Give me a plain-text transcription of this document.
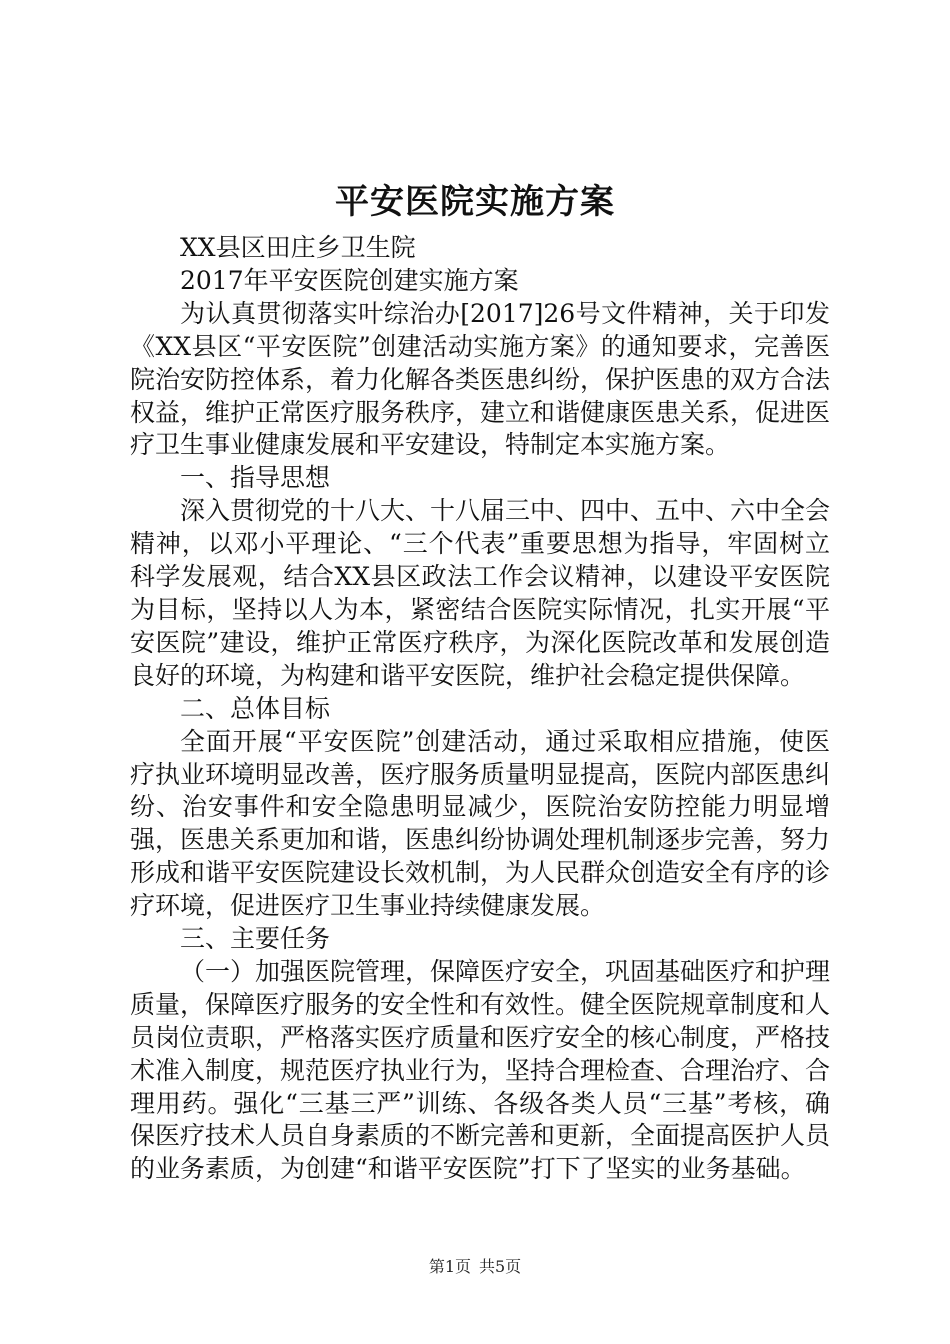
平安医院实施方案

XX县区田庄乡卫生院

2017年平安医院创建实施方案

为认真贯彻落实叶综治办[2017]26号文件精神，关于印发《XX县区“平安医院”创建活动实施方案》的通知要求，完善医院治安防控体系，着力化解各类医患纠纷，保护医患的双方合法权益，维护正常医疗服务秩序，建立和谐健康医患关系，促进医疗卫生事业健康发展和平安建设，特制定本实施方案。

一、指导思想

深入贯彻党的十八大、十八届三中、四中、五中、六中全会精神，以邓小平理论、“三个代表”重要思想为指导，牢固树立科学发展观，结合XX县区政法工作会议精神，以建设平安医院为目标，坚持以人为本，紧密结合医院实际情况，扎实开展“平安医院”建设，维护正常医疗秩序，为深化医院改革和发展创造良好的环境，为构建和谐平安医院，维护社会稳定提供保障。

二、总体目标

全面开展“平安医院”创建活动，通过采取相应措施，使医疗执业环境明显改善，医疗服务质量明显提高，医院内部医患纠纷、治安事件和安全隐患明显减少，医院治安防控能力明显增强，医患关系更加和谐，医患纠纷协调处理机制逐步完善，努力形成和谐平安医院建设长效机制，为人民群众创造安全有序的诊疗环境，促进医疗卫生事业持续健康发展。

三、主要任务

（一）加强医院管理，保障医疗安全，巩固基础医疗和护理质量，保障医疗服务的安全性和有效性。健全医院规章制度和人员岗位责职，严格落实医疗质量和医疗安全的核心制度，严格技术准入制度，规范医疗执业行为，坚持合理检查、合理治疗、合理用药。强化“三基三严”训练、各级各类人员“三基”考核，确保医疗技术人员自身素质的不断完善和更新，全面提高医护人员的业务素质，为创建“和谐平安医院”打下了坚实的业务基础。

第1页 共5页
